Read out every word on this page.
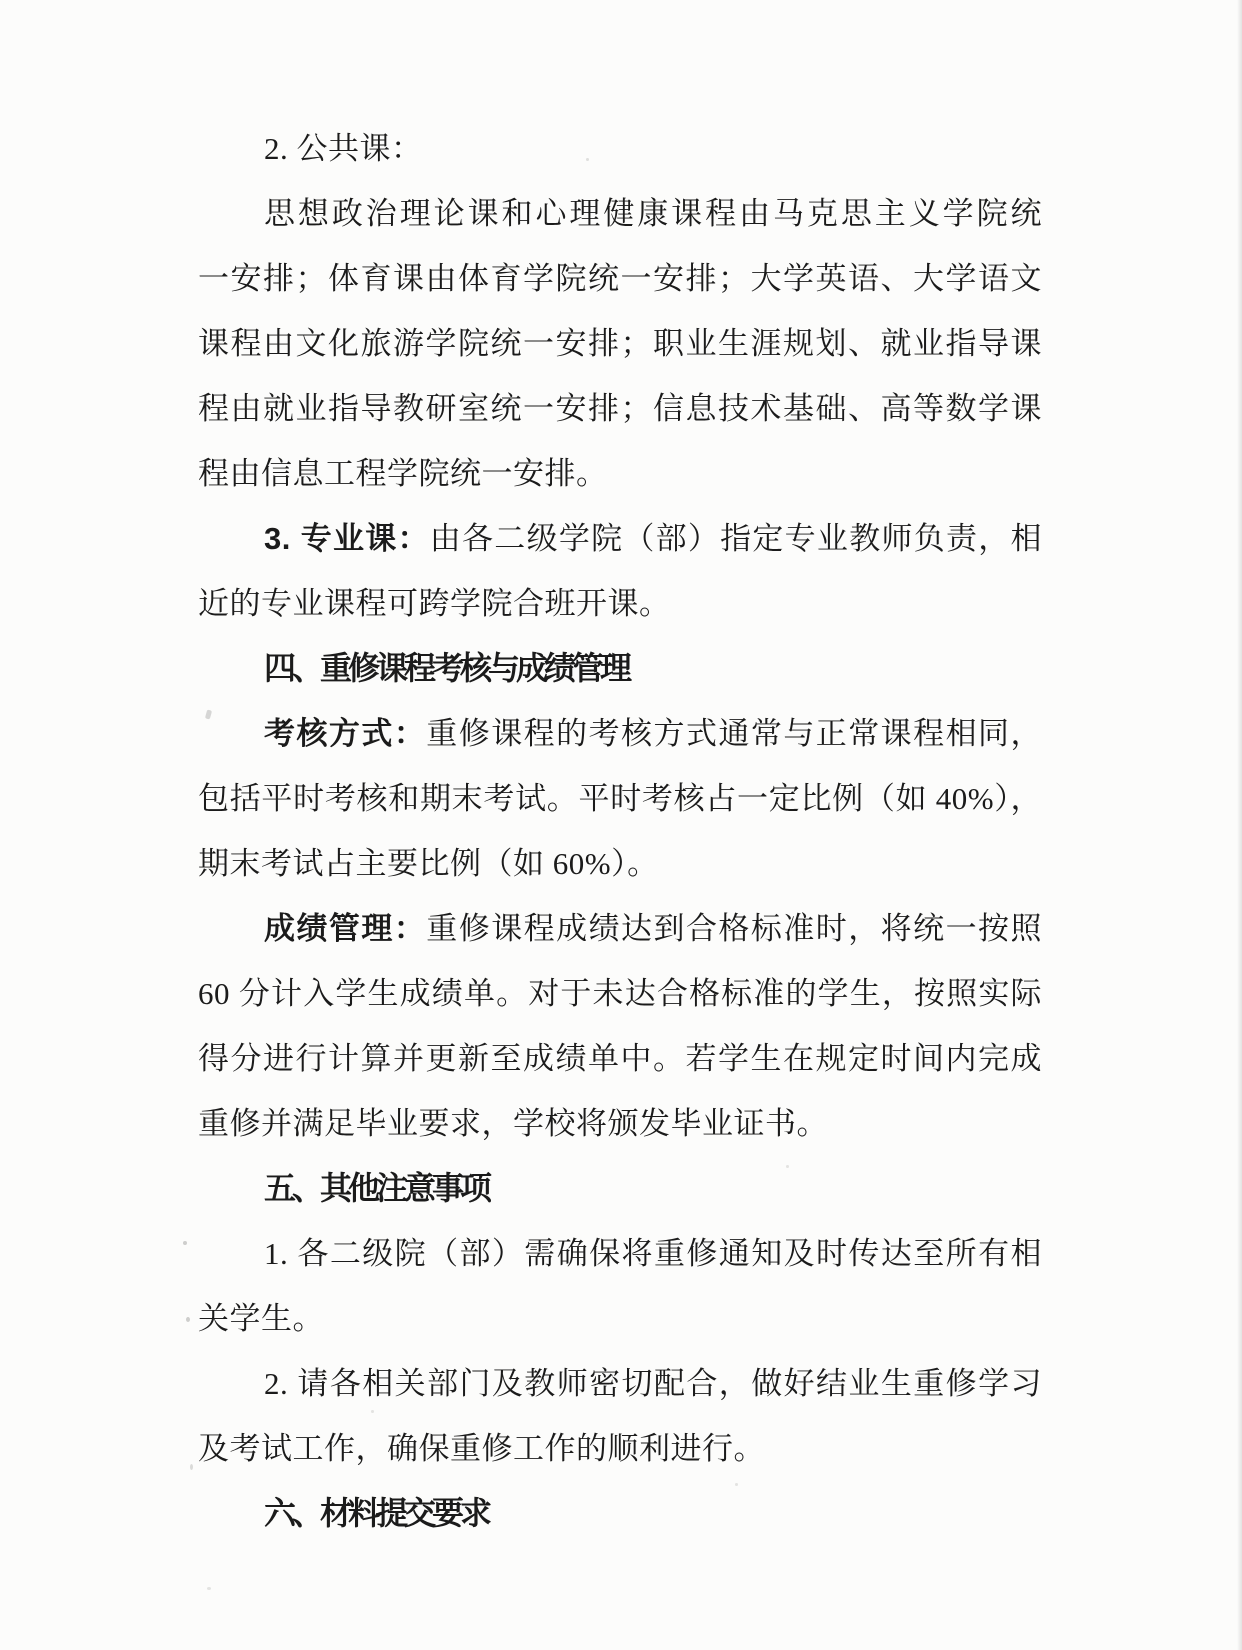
2. 公共课：
思想政治理论课和心理健康课程由马克思主义学院统
一安排；体育课由体育学院统一安排；大学英语、大学语文
课程由文化旅游学院统一安排；职业生涯规划、就业指导课
程由就业指导教研室统一安排；信息技术基础、高等数学课
程由信息工程学院统一安排。
3. 专业课：由各二级学院（部）指定专业教师负责，相
近的专业课程可跨学院合班开课。
四、重修课程考核与成绩管理
考核方式：重修课程的考核方式通常与正常课程相同，
包括平时考核和期末考试。平时考核占一定比例（如 40%），
期末考试占主要比例（如 60%）。
成绩管理：重修课程成绩达到合格标准时，将统一按照
60 分计入学生成绩单。对于未达合格标准的学生，按照实际
得分进行计算并更新至成绩单中。若学生在规定时间内完成
重修并满足毕业要求，学校将颁发毕业证书。
五、其他注意事项
1. 各二级院（部）需确保将重修通知及时传达至所有相
关学生。
2. 请各相关部门及教师密切配合，做好结业生重修学习
及考试工作，确保重修工作的顺利进行。
六、材料提交要求
